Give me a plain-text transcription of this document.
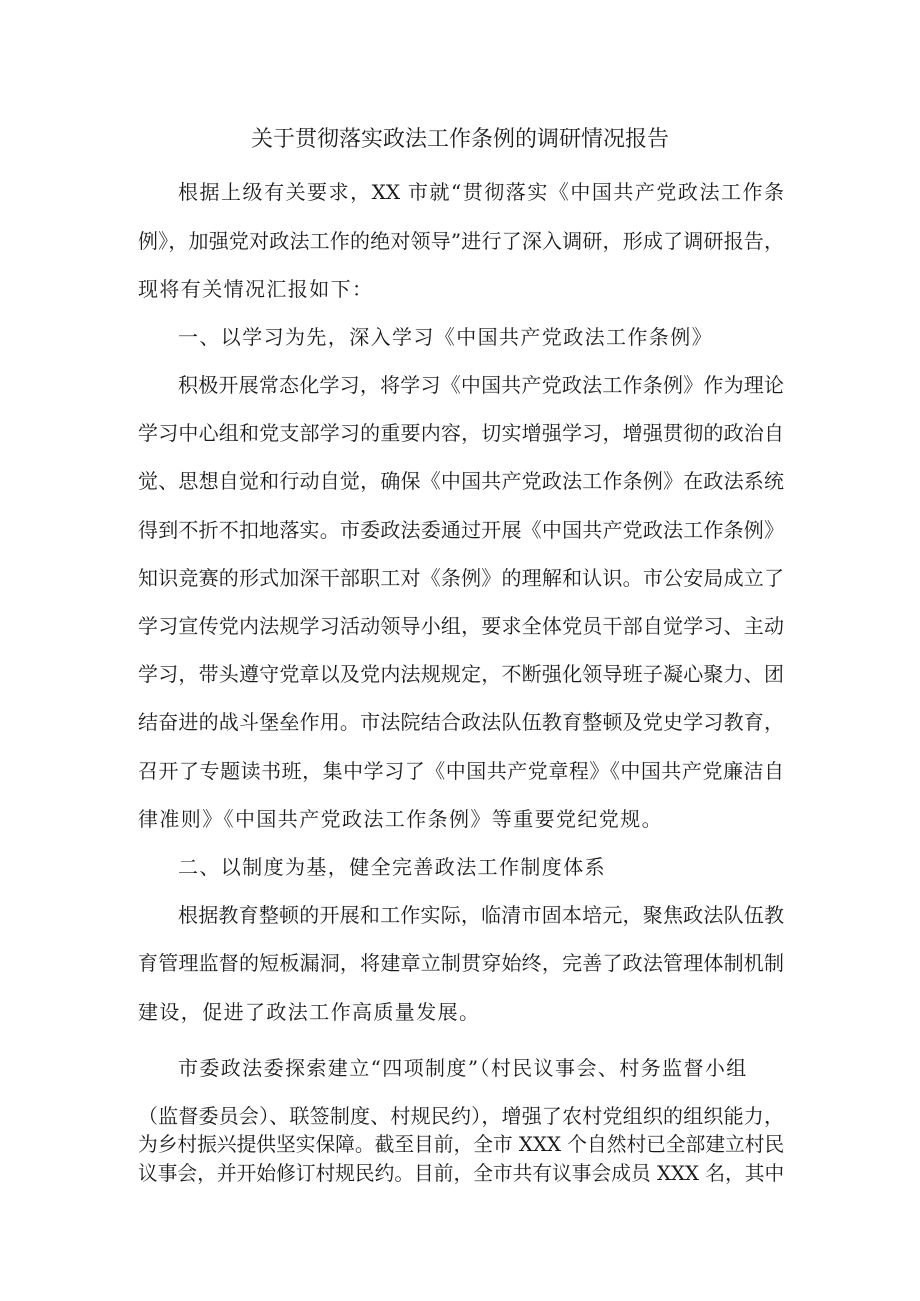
关于贯彻落实政法工作条例的调研情况报告
根据上级有关要求，XX 市就“贯彻落实《中国共产党政法工作条
例》，加强党对政法工作的绝对领导”进行了深入调研，形成了调研报告，
现将有关情况汇报如下：
一、以学习为先，深入学习《中国共产党政法工作条例》
积极开展常态化学习，将学习《中国共产党政法工作条例》作为理论
学习中心组和党支部学习的重要内容，切实增强学习，增强贯彻的政治自
觉、思想自觉和行动自觉，确保《中国共产党政法工作条例》在政法系统
得到不折不扣地落实。市委政法委通过开展《中国共产党政法工作条例》
知识竞赛的形式加深干部职工对《条例》的理解和认识。市公安局成立了
学习宣传党内法规学习活动领导小组，要求全体党员干部自觉学习、主动
学习，带头遵守党章以及党内法规规定，不断强化领导班子凝心聚力、团
结奋进的战斗堡垒作用。市法院结合政法队伍教育整顿及党史学习教育，
召开了专题读书班，集中学习了《中国共产党章程》《中国共产党廉洁自
律准则》《中国共产党政法工作条例》等重要党纪党规。
二、以制度为基，健全完善政法工作制度体系
根据教育整顿的开展和工作实际，临清市固本培元，聚焦政法队伍教
育管理监督的短板漏洞，将建章立制贯穿始终，完善了政法管理体制机制
建设，促进了政法工作高质量发展。
市委政法委探索建立“四项制度”（村民议事会、村务监督小组
（监督委员会）、联签制度、村规民约），增强了农村党组织的组织能力，
为乡村振兴提供坚实保障。截至目前，全市 XXX 个自然村已全部建立村民
议事会，并开始修订村规民约。目前，全市共有议事会成员 XXX 名，其中
